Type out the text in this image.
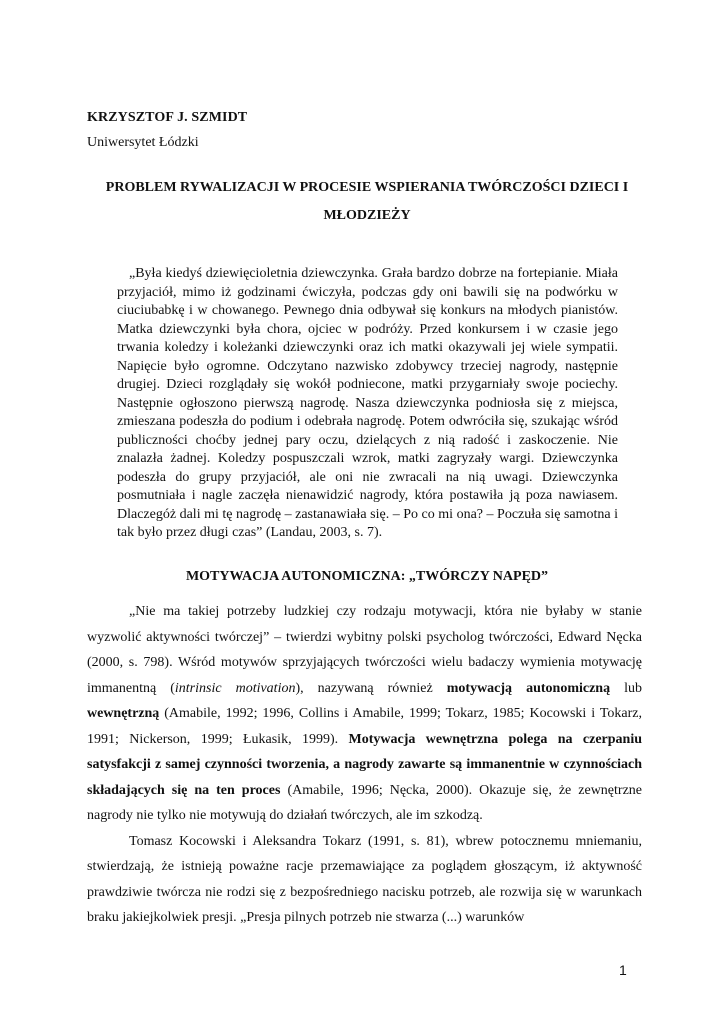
KRZYSZTOF J. SZMIDT
Uniwersytet Łódzki
PROBLEM RYWALIZACJI W PROCESIE WSPIERANIA TWÓRCZOŚCI DZIECI I MŁODZIEŻY
„Była kiedyś dziewięcioletnia dziewczynka. Grała bardzo dobrze na fortepianie. Miała przyjaciół, mimo iż godzinami ćwiczyła, podczas gdy oni bawili się na podwórku w ciuciubabkę i w chowanego. Pewnego dnia odbywał się konkurs na młodych pianistów. Matka dziewczynki była chora, ojciec w podróży. Przed konkursem i w czasie jego trwania koledzy i koleżanki dziewczynki oraz ich matki okazywali jej wiele sympatii. Napięcie było ogromne. Odczytano nazwisko zdobywcy trzeciej nagrody, następnie drugiej. Dzieci rozglądały się wokół podniecone, matki przygarniały swoje pociechy. Następnie ogłoszono pierwszą nagrodę. Nasza dziewczynka podniosła się z miejsca, zmieszana podeszła do podium i odebrała nagrodę. Potem odwróciła się, szukając wśród publiczności choćby jednej pary oczu, dzielących z nią radość i zaskoczenie. Nie znalazła żadnej. Koledzy pospuszczali wzrok, matki zagryzały wargi. Dziewczynka podeszła do grupy przyjaciół, ale oni nie zwracali na nią uwagi. Dziewczynka posmutniała i nagle zaczęła nienawidzić nagrody, która postawiła ją poza nawiasem. Dlaczegóż dali mi tę nagrodę – zastanawiała się. – Po co mi ona? – Poczuła się samotna i tak było przez długi czas” (Landau, 2003, s. 7).
MOTYWACJA AUTONOMICZNA: „TWÓRCZY NAPĘD”

„Nie ma takiej potrzeby ludzkiej czy rodzaju motywacji, która nie byłaby w stanie wyzwolić aktywności twórczej” – twierdzi wybitny polski psycholog twórczości, Edward Nęcka (2000, s. 798). Wśród motywów sprzyjających twórczości wielu badaczy wymienia motywację immanentną (intrinsic motivation), nazywaną również motywacją autonomiczną lub wewnętrzną (Amabile, 1992; 1996, Collins i Amabile, 1999; Tokarz, 1985; Kocowski i Tokarz, 1991; Nickerson, 1999; Łukasik, 1999). Motywacja wewnętrzna polega na czerpaniu satysfakcji z samej czynności tworzenia, a nagrody zawarte są immanentnie w czynnościach składających się na ten proces (Amabile, 1996; Nęcka, 2000). Okazuje się, że zewnętrzne nagrody nie tylko nie motywują do działań twórczych, ale im szkodzą.

Tomasz Kocowski i Aleksandra Tokarz (1991, s. 81), wbrew potocznemu mniemaniu, stwierdzają, że istnieją poważne racje przemawiające za poglądem głoszącym, iż aktywność prawdziwie twórcza nie rodzi się z bezpośredniego nacisku potrzeb, ale rozwija się w warunkach braku jakiejkolwiek presji. „Presja pilnych potrzeb nie stwarza (...) warunków

1
